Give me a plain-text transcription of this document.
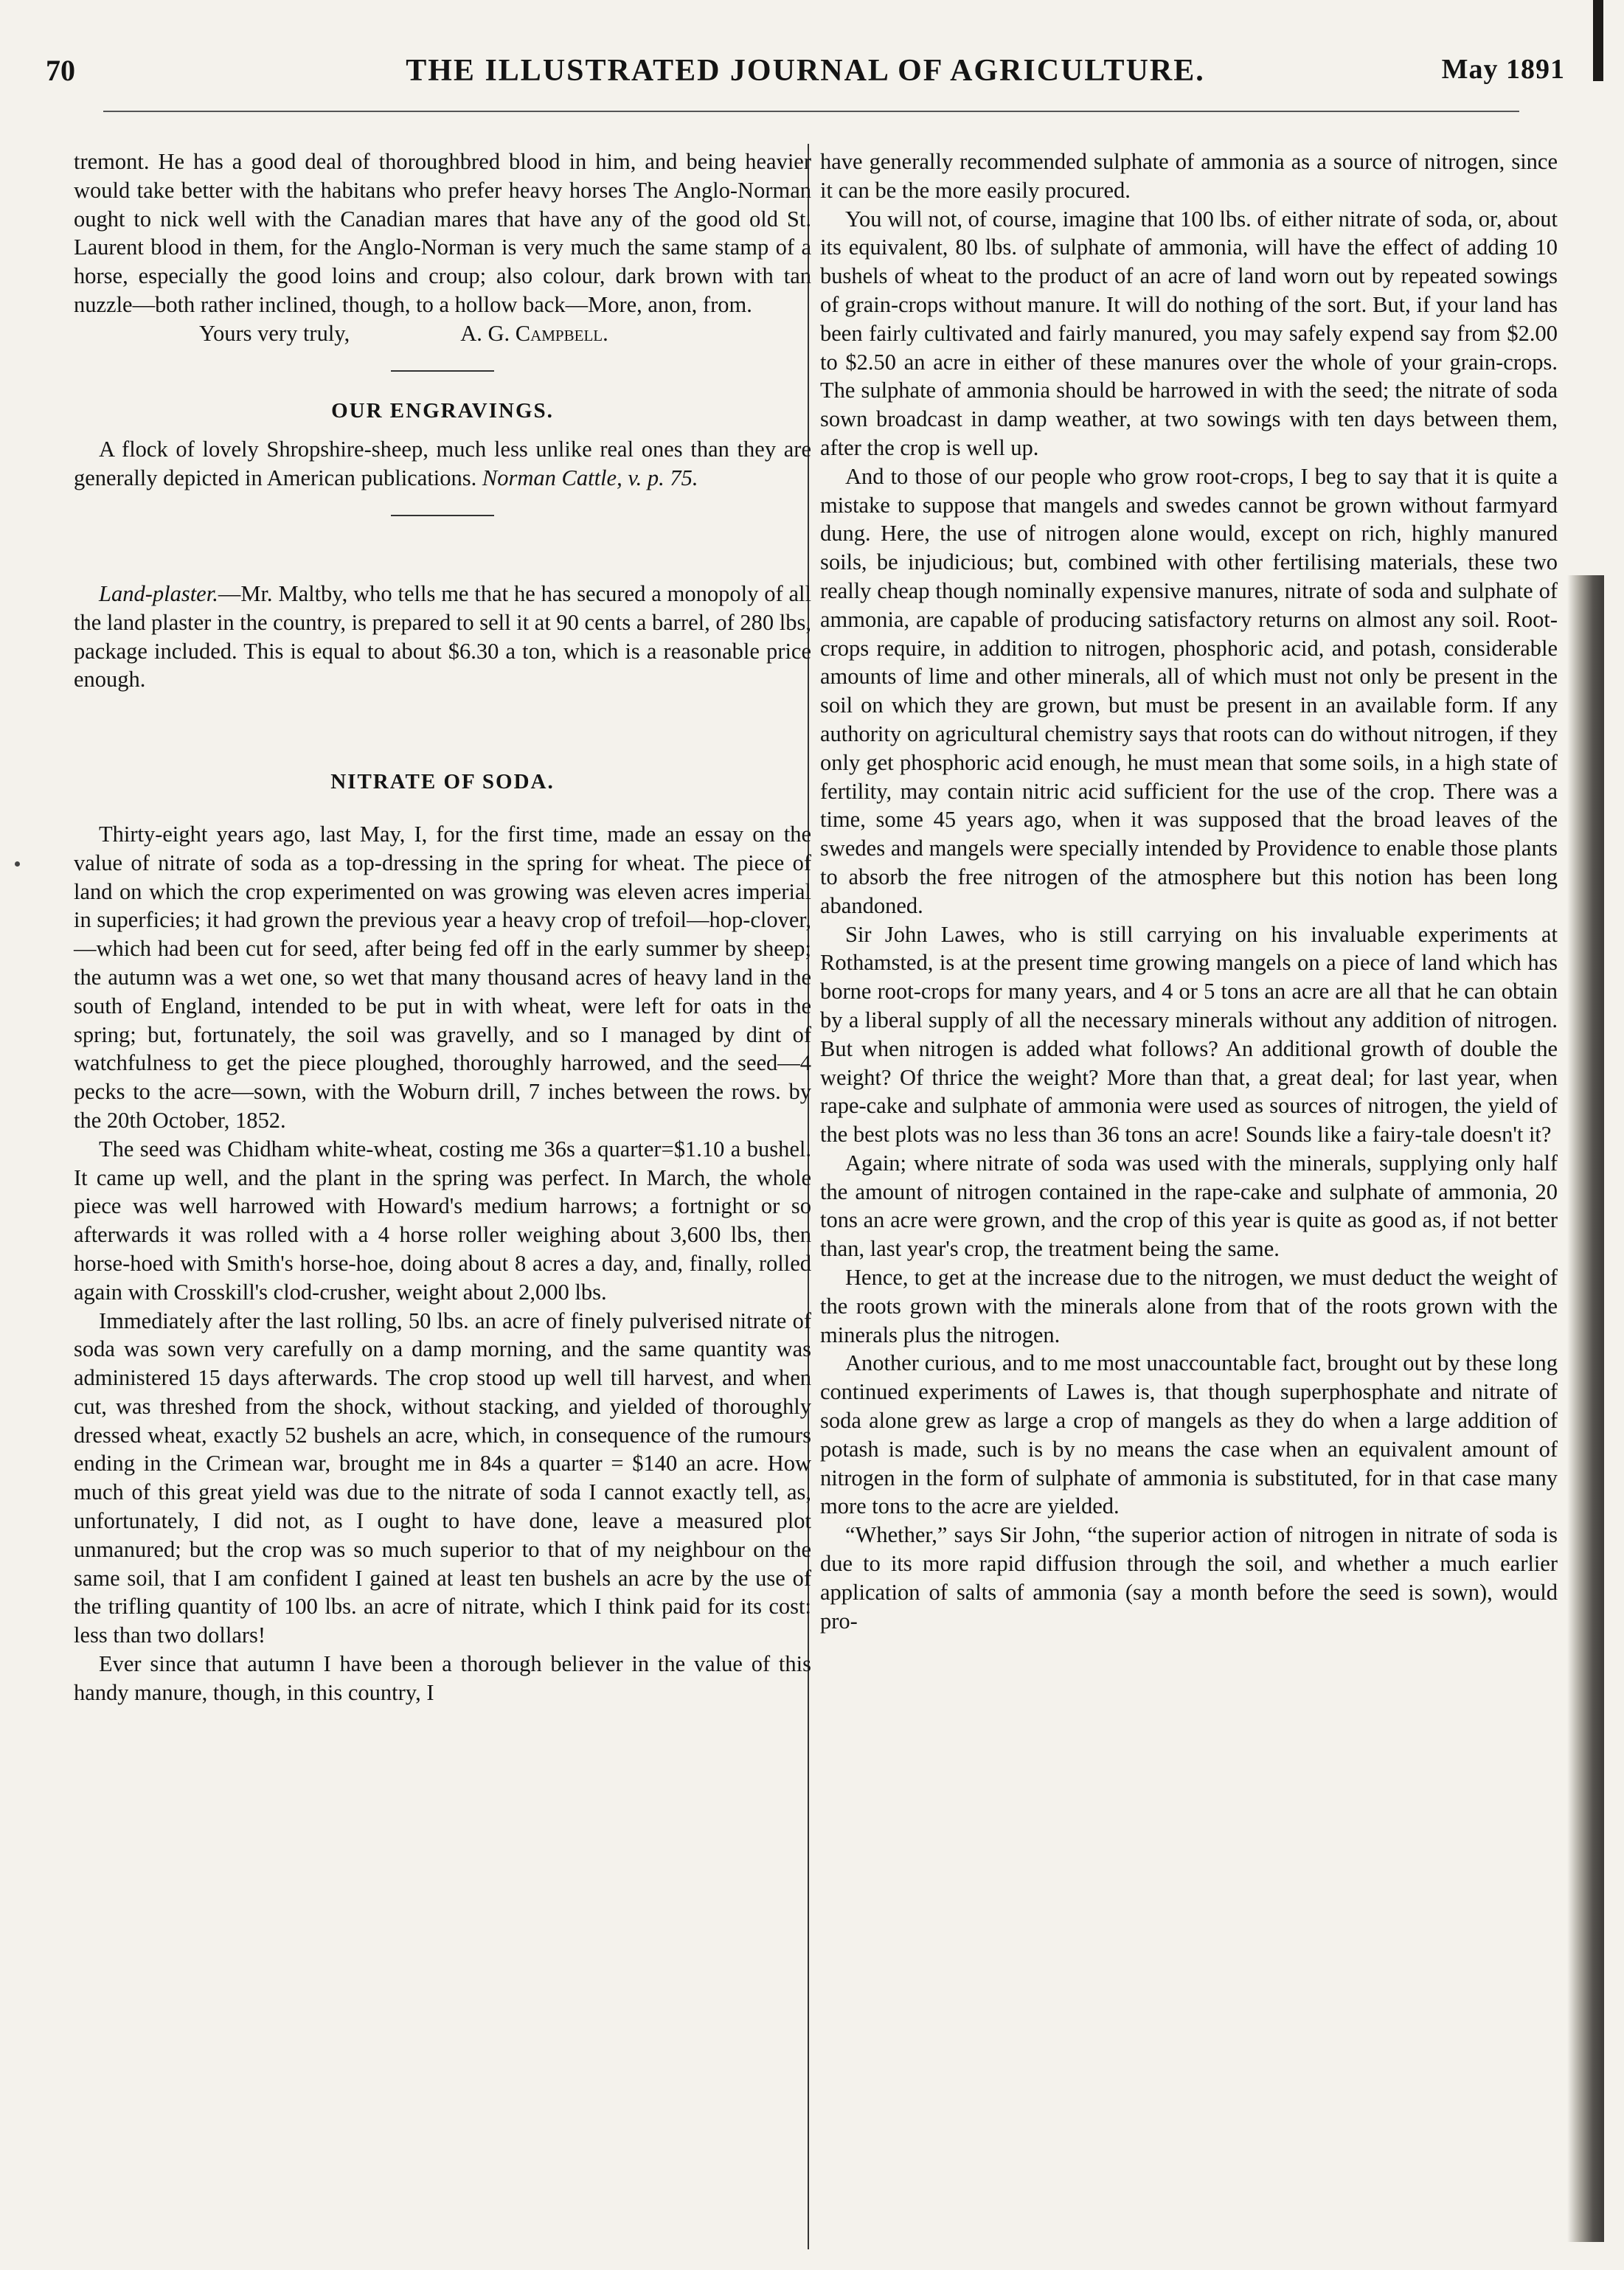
70	THE ILLUSTRATED JOURNAL OF AGRICULTURE.	May 1891

tremont. He has a good deal of thoroughbred blood in him, and being heavier would take better with the habitans who prefer heavy horses The Anglo-Norman ought to nick well with the Canadian mares that have any of the good old St. Laurent blood in them, for the Anglo-Norman is very much the same stamp of a horse, especially the good loins and croup; also colour, dark brown with tan nuzzle—both rather inclined, though, to a hollow back—More, anon, from.

Yours very truly,	A. G. Campbell.
OUR ENGRAVINGS.

A flock of lovely Shropshire-sheep, much less unlike real ones than they are generally depicted in American publications. Norman Cattle, v. p. 75.

Land-plaster.—Mr. Maltby, who tells me that he has secured a monopoly of all the land plaster in the country, is prepared to sell it at 90 cents a barrel, of 280 lbs, package included. This is equal to about $6.30 a ton, which is a reasonable price enough.

NITRATE OF SODA.

Thirty-eight years ago, last May, I, for the first time, made an essay on the value of nitrate of soda as a top-dressing in the spring for wheat. The piece of land on which the crop experimented on was growing was eleven acres imperial in superficies; it had grown the previous year a heavy crop of trefoil—hop-clover,—which had been cut for seed, after being fed off in the early summer by sheep; the autumn was a wet one, so wet that many thousand acres of heavy land in the south of England, intended to be put in with wheat, were left for oats in the spring; but, fortunately, the soil was gravelly, and so I managed by dint of watchfulness to get the piece ploughed, thoroughly harrowed, and the seed—4 pecks to the acre—sown, with the Woburn drill, 7 inches between the rows. by the 20th October, 1852.

The seed was Chidham white-wheat, costing me 36s a quarter=$1.10 a bushel. It came up well, and the plant in the spring was perfect. In March, the whole piece was well harrowed with Howard's medium harrows; a fortnight or so afterwards it was rolled with a 4 horse roller weighing about 3,600 lbs, then horse-hoed with Smith's horse-hoe, doing about 8 acres a day, and, finally, rolled again with Crosskill's clod-crusher, weight about 2,000 lbs.

Immediately after the last rolling, 50 lbs. an acre of finely pulverised nitrate of soda was sown very carefully on a damp morning, and the same quantity was administered 15 days afterwards. The crop stood up well till harvest, and when cut, was threshed from the shock, without stacking, and yielded of thoroughly dressed wheat, exactly 52 bushels an acre, which, in consequence of the rumours ending in the Crimean war, brought me in 84s a quarter = $140 an acre. How much of this great yield was due to the nitrate of soda I cannot exactly tell, as, unfortunately, I did not, as I ought to have done, leave a measured plot unmanured; but the crop was so much superior to that of my neighbour on the same soil, that I am confident I gained at least ten bushels an acre by the use of the trifling quantity of 100 lbs. an acre of nitrate, which I think paid for its cost: less than two dollars!

Ever since that autumn I have been a thorough believer in the value of this handy manure, though, in this country, I

have generally recommended sulphate of ammonia as a source of nitrogen, since it can be the more easily procured.

You will not, of course, imagine that 100 lbs. of either nitrate of soda, or, about its equivalent, 80 lbs. of sulphate of ammonia, will have the effect of adding 10 bushels of wheat to the product of an acre of land worn out by repeated sowings of grain-crops without manure. It will do nothing of the sort. But, if your land has been fairly cultivated and fairly manured, you may safely expend say from $2.00 to $2.50 an acre in either of these manures over the whole of your grain-crops. The sulphate of ammonia should be harrowed in with the seed; the nitrate of soda sown broadcast in damp weather, at two sowings with ten days between them, after the crop is well up.

And to those of our people who grow root-crops, I beg to say that it is quite a mistake to suppose that mangels and swedes cannot be grown without farmyard dung. Here, the use of nitrogen alone would, except on rich, highly manured soils, be injudicious; but, combined with other fertilising materials, these two really cheap though nominally expensive manures, nitrate of soda and sulphate of ammonia, are capable of producing satisfactory returns on almost any soil. Root-crops require, in addition to nitrogen, phosphoric acid, and potash, considerable amounts of lime and other minerals, all of which must not only be present in the soil on which they are grown, but must be present in an available form. If any authority on agricultural chemistry says that roots can do without nitrogen, if they only get phosphoric acid enough, he must mean that some soils, in a high state of fertility, may contain nitric acid sufficient for the use of the crop. There was a time, some 45 years ago, when it was supposed that the broad leaves of the swedes and mangels were specially intended by Providence to enable those plants to absorb the free nitrogen of the atmosphere but this notion has been long abandoned.

Sir John Lawes, who is still carrying on his invaluable experiments at Rothamsted, is at the present time growing mangels on a piece of land which has borne root-crops for many years, and 4 or 5 tons an acre are all that he can obtain by a liberal supply of all the necessary minerals without any addition of nitrogen. But when nitrogen is added what follows? An additional growth of double the weight? Of thrice the weight? More than that, a great deal; for last year, when rape-cake and sulphate of ammonia were used as sources of nitrogen, the yield of the best plots was no less than 36 tons an acre! Sounds like a fairy-tale doesn't it?

Again; where nitrate of soda was used with the minerals, supplying only half the amount of nitrogen contained in the rape-cake and sulphate of ammonia, 20 tons an acre were grown, and the crop of this year is quite as good as, if not better than, last year's crop, the treatment being the same.

Hence, to get at the increase due to the nitrogen, we must deduct the weight of the roots grown with the minerals alone from that of the roots grown with the minerals plus the nitrogen.

Another curious, and to me most unaccountable fact, brought out by these long continued experiments of Lawes is, that though superphosphate and nitrate of soda alone grew as large a crop of mangels as they do when a large addition of potash is made, such is by no means the case when an equivalent amount of nitrogen in the form of sulphate of ammonia is substituted, for in that case many more tons to the acre are yielded.

“Whether,” says Sir John, “the superior action of nitrogen in nitrate of soda is due to its more rapid diffusion through the soil, and whether a much earlier application of salts of ammonia (say a month before the seed is sown), would pro-
